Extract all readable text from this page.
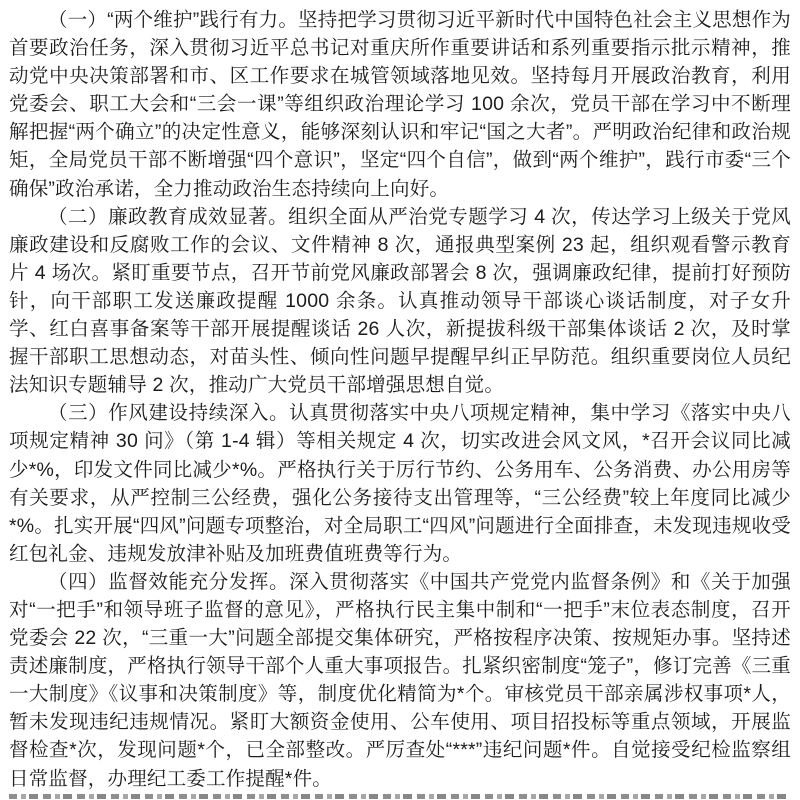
（一）“两个维护”践行有力。坚持把学习贯彻习近平新时代中国特色社会主义思想作为首要政治任务，深入贯彻习近平总书记对重庆所作重要讲话和系列重要指示批示精神，推动党中央决策部署和市、区工作要求在城管领域落地见效。坚持每月开展政治教育，利用党委会、职工大会和“三会一课”等组织政治理论学习 100 余次，党员干部在学习中不断理解把握“两个确立”的决定性意义，能够深刻认识和牢记“国之大者”。严明政治纪律和政治规矩，全局党员干部不断增强“四个意识”，坚定“四个自信”，做到“两个维护”，践行市委“三个确保”政治承诺，全力推动政治生态持续向上向好。

（二）廉政教育成效显著。组织全面从严治党专题学习 4 次，传达学习上级关于党风廉政建设和反腐败工作的会议、文件精神 8 次，通报典型案例 23 起，组织观看警示教育片 4 场次。紧盯重要节点，召开节前党风廉政部署会 8 次，强调廉政纪律，提前打好预防针，向干部职工发送廉政提醒 1000 余条。认真推动领导干部谈心谈话制度，对子女升学、红白喜事备案等干部开展提醒谈话 26 人次，新提拔科级干部集体谈话 2 次，及时掌握干部职工思想动态，对苗头性、倾向性问题早提醒早纠正早防范。组织重要岗位人员纪法知识专题辅导 2 次，推动广大党员干部增强思想自觉。

（三）作风建设持续深入。认真贯彻落实中央八项规定精神，集中学习《落实中央八项规定精神 30 问》（第 1-4 辑）等相关规定 4 次，切实改进会风文风，*召开会议同比减少*%，印发文件同比减少*%。严格执行关于厉行节约、公务用车、公务消费、办公用房等有关要求，从严控制三公经费，强化公务接待支出管理等，“三公经费”较上年度同比减少*%。扎实开展“四风”问题专项整治，对全局职工“四风”问题进行全面排查，未发现违规收受红包礼金、违规发放津补贴及加班费值班费等行为。

（四）监督效能充分发挥。深入贯彻落实《中国共产党党内监督条例》和《关于加强对“一把手”和领导班子监督的意见》，严格执行民主集中制和“一把手”末位表态制度，召开党委会 22 次，“三重一大”问题全部提交集体研究，严格按程序决策、按规矩办事。坚持述责述廉制度，严格执行领导干部个人重大事项报告。扎紧织密制度“笼子”，修订完善《三重一大制度》《议事和决策制度》等，制度优化精简为*个。审核党员干部亲属涉权事项*人，暂未发现违纪违规情况。紧盯大额资金使用、公车使用、项目招投标等重点领域，开展监督检查*次，发现问题*个，已全部整改。严厉查处“***”违纪问题*件。自觉接受纪检监察组日常监督，办理纪工委工作提醒*件。
